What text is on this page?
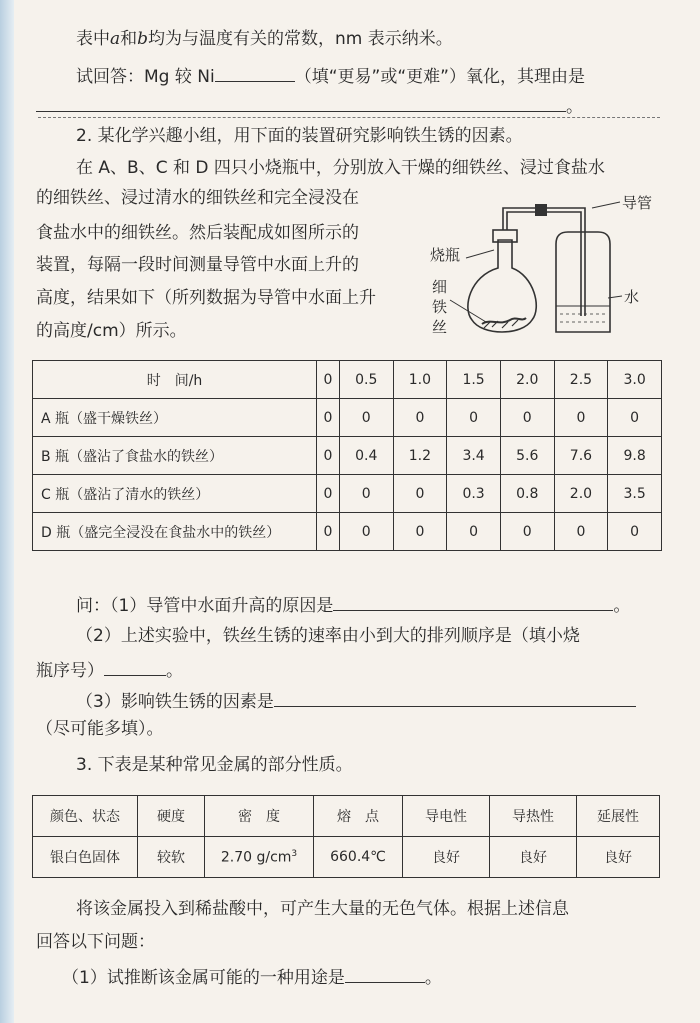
表中a和b均为与温度有关的常数，nm 表示纳米。
试回答：Mg 较 Ni	（填“更易”或“更难”）氧化，其理由是
。
2. 某化学兴趣小组，用下面的装置研究影响铁生锈的因素。
在 A、B、C 和 D 四只小烧瓶中，分别放入干燥的细铁丝、浸过食盐水
的细铁丝、浸过清水的细铁丝和完全浸没在
食盐水中的细铁丝。然后装配成如图所示的
装置，每隔一段时间测量导管中水面上升的
高度，结果如下（所列数据为导管中水面上升
的高度/cm）所示。
导管
水
烧瓶
细
铁
丝
时　间/h	0	0.5	1.0	1.5	2.0	2.5	3.0
A 瓶（盛干燥铁丝）	0	0	0	0	0	0	0
B 瓶（盛沾了食盐水的铁丝）	0	0.4	1.2	3.4	5.6	7.6	9.8
C 瓶（盛沾了清水的铁丝）	0	0	0	0.3	0.8	2.0	3.5
D 瓶（盛完全浸没在食盐水中的铁丝）	0	0	0	0	0	0	0
问：（1）导管中水面升高的原因是	。
（2）上述实验中，铁丝生锈的速率由小到大的排列顺序是（填小烧
瓶序号）	。
（3）影响铁生锈的因素是
（尽可能多填）。
3. 下表是某种常见金属的部分性质。
颜色、状态	硬度	密　度	熔　点	导电性	导热性	延展性
银白色固体	较软	2.70 $g/cm^3$	660.4℃	良好	良好	良好
将该金属投入到稀盐酸中，可产生大量的无色气体。根据上述信息
回答以下问题：
（1）试推断该金属可能的一种用途是	。
